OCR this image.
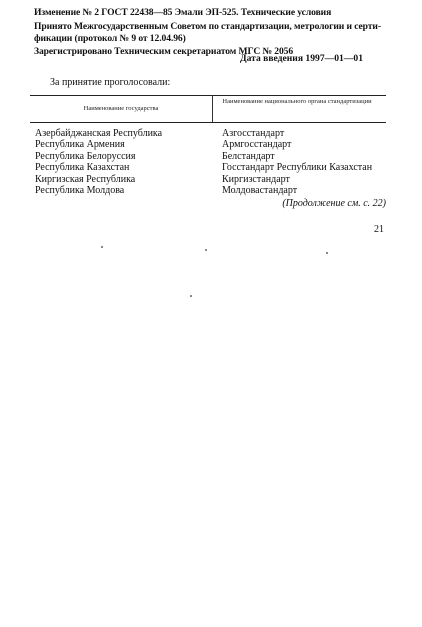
Изменение № 2 ГОСТ 22438—85 Эмали ЭП-525. Технические условия
Принято Межгосударственным Советом по стандартизации, метрологии и серти-
фикации (протокол № 9 от 12.04.96)
Зарегистрировано Техническим секретариатом МГС № 2056
Дата введения 1997—01—01
За принятие проголосовали:
Наименование государства
Наименование национального органа стандартизации
Азербайджанская Республика
Республика Армения
Республика Белоруссия
Республика Казахстан
Киргизская Республика
Республика Молдова
Азгосстандарт
Армгосстандарт
Белстандарт
Госстандарт Республики Казахстан
Киргизстандарт
Молдовастандарт
(Продолжение см. с. 22)
21
